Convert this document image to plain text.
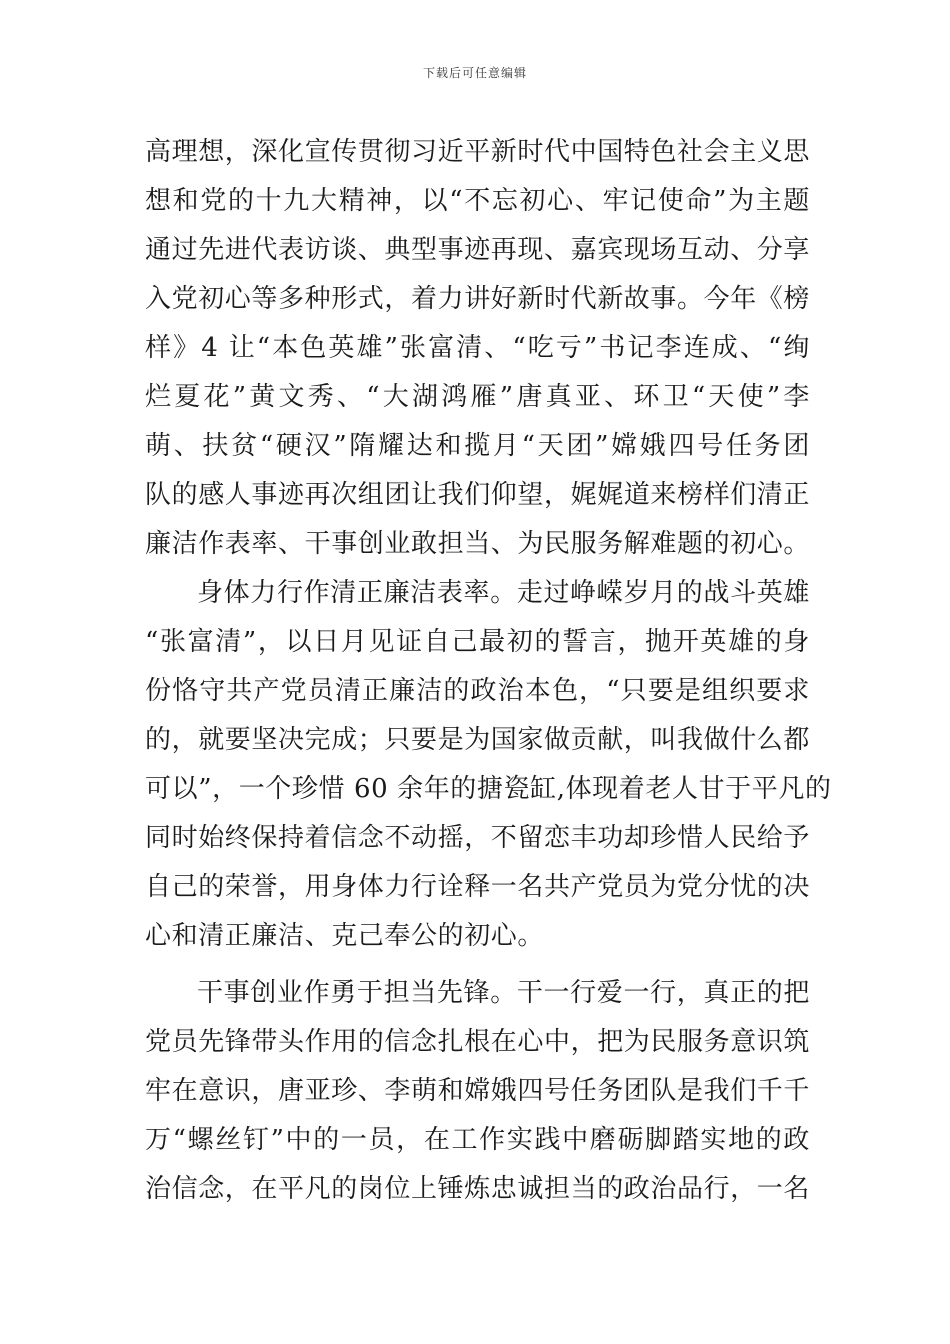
下载后可任意编辑
高理想，深化宣传贯彻习近平新时代中国特色社会主义思
想和党的十九大精神，以“不忘初心、牢记使命”为主题
通过先进代表访谈、典型事迹再现、嘉宾现场互动、分享
入党初心等多种形式，着力讲好新时代新故事。今年《榜
样》4 让“本色英雄”张富清、“吃亏”书记李连成、“绚
烂夏花”黄文秀、“大湖鸿雁”唐真亚、环卫“天使”李
萌、扶贫“硬汉”隋耀达和揽月“天团”嫦娥四号任务团
队的感人事迹再次组团让我们仰望，娓娓道来榜样们清正
廉洁作表率、干事创业敢担当、为民服务解难题的初心。
身体力行作清正廉洁表率。走过峥嵘岁月的战斗英雄
“张富清”，以日月见证自己最初的誓言，抛开英雄的身
份恪守共产党员清正廉洁的政治本色，“只要是组织要求
的，就要坚决完成；只要是为国家做贡献，叫我做什么都
可以”，一个珍惜 60 余年的搪瓷缸,体现着老人甘于平凡的
同时始终保持着信念不动摇，不留恋丰功却珍惜人民给予
自己的荣誉，用身体力行诠释一名共产党员为党分忧的决
心和清正廉洁、克己奉公的初心。
干事创业作勇于担当先锋。干一行爱一行，真正的把
党员先锋带头作用的信念扎根在心中，把为民服务意识筑
牢在意识，唐亚珍、李萌和嫦娥四号任务团队是我们千千
万“螺丝钉”中的一员，在工作实践中磨砺脚踏实地的政
治信念，在平凡的岗位上锤炼忠诚担当的政治品行，一名
